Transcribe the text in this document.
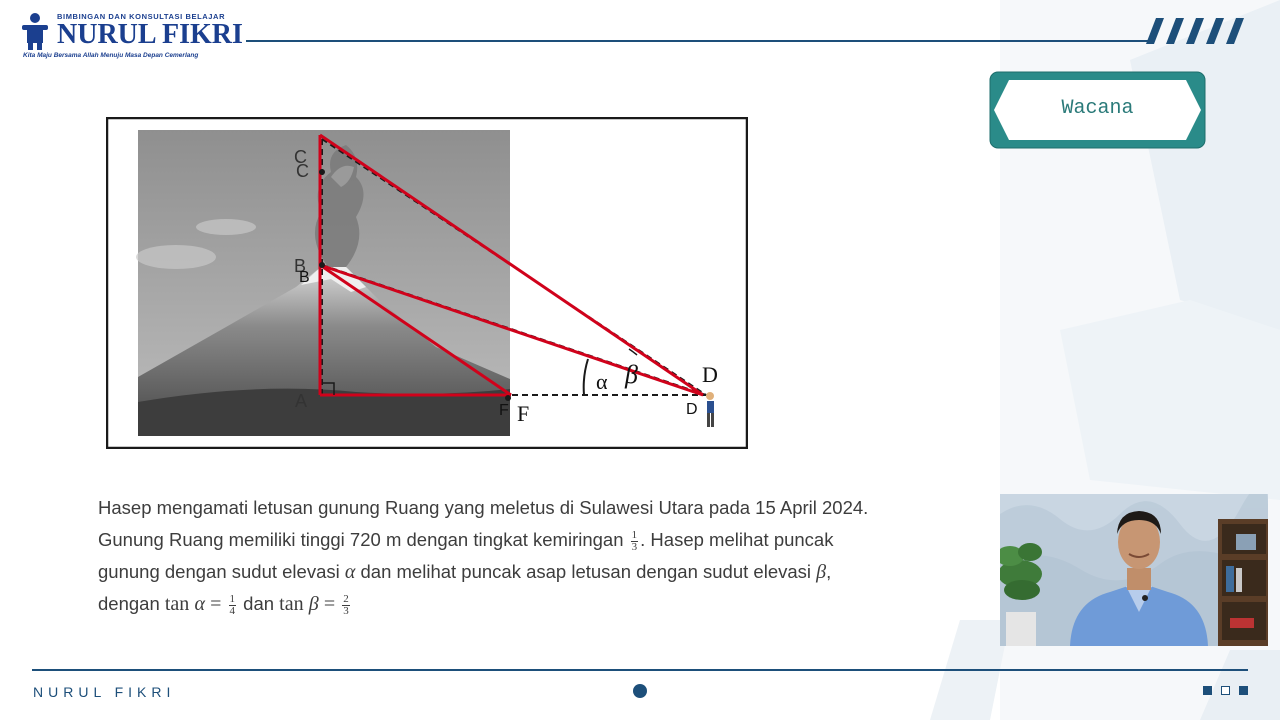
BIMBINGAN DAN KONSULTASI BELAJAR
NURUL FIKRI
Kita Maju Bersama Allah Menuju Masa Depan Cemerlang
Wacana
C
C
B
B
A	F F
D
D
α β
Hasep mengamati letusan gunung Ruang yang meletus di Sulawesi Utara pada 15 April 2024.
Gunung Ruang memiliki tinggi 720 m dengan tingkat kemiringan $\frac{1}{3}$ . Hasep melihat puncak
gunung dengan sudut elevasi α dan melihat puncak asap letusan dengan sudut elevasi β,
dengan $\tan \alpha = \frac{1}{4}$ dan $\tan \beta = \frac{2}{3}$
NURUL FIKRI
